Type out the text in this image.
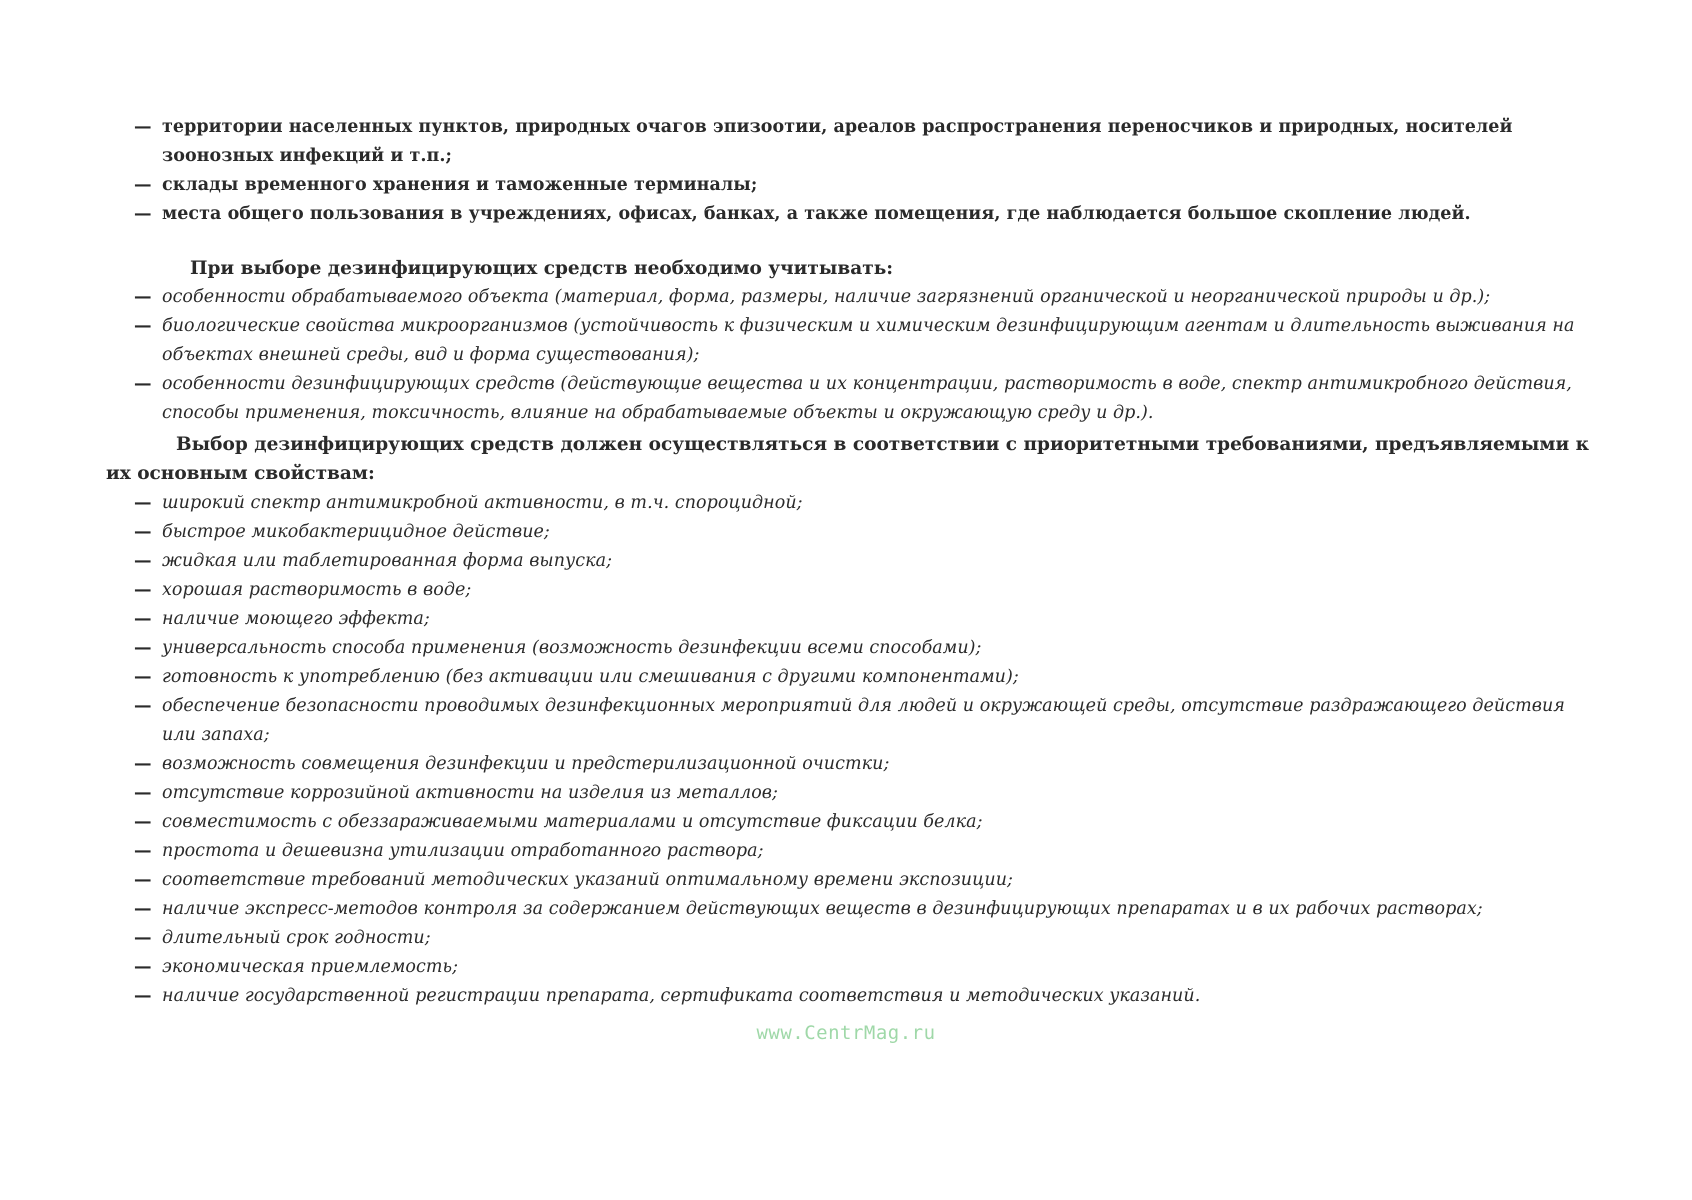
— территории населенных пунктов, природных очагов эпизоотии, ареалов распространения переносчиков и природных, носителей зоонозных инфекций и т.п.;
— склады временного хранения и таможенные терминалы;
— места общего пользования в учреждениях, офисах, банках, а также помещения, где наблюдается большое скопление людей.
При выборе дезинфицирующих средств необходимо учитывать:
— особенности обрабатываемого объекта (материал, форма, размеры, наличие загрязнений органической и неорганической природы и др.);
— биологические свойства микроорганизмов (устойчивость к физическим и химическим дезинфицирующим агентам и длительность выживания на объектах внешней среды, вид и форма существования);
— особенности дезинфицирующих средств (действующие вещества и их концентрации, растворимость в воде, спектр антимикробного действия, способы применения, токсичность, влияние на обрабатываемые объекты и окружающую среду и др.).
Выбор дезинфицирующих средств должен осуществляться в соответствии с приоритетными требованиями, предъявляемыми к их основным свойствам:
— широкий спектр антимикробной активности, в т.ч. спороцидной;
— быстрое микобактерицидное действие;
— жидкая или таблетированная форма выпуска;
— хорошая растворимость в воде;
— наличие моющего эффекта;
— универсальность способа применения (возможность дезинфекции всеми способами);
— готовность к употреблению (без активации или смешивания с другими компонентами);
— обеспечение безопасности проводимых дезинфекционных мероприятий для людей и окружающей среды, отсутствие раздражающего действия или запаха;
— возможность совмещения дезинфекции и предстерилизационной очистки;
— отсутствие коррозийной активности на изделия из металлов;
— совместимость с обеззараживаемыми материалами и отсутствие фиксации белка;
— простота и дешевизна утилизации отработанного раствора;
— соответствие требований методических указаний оптимальному времени экспозиции;
— наличие экспресс-методов контроля за содержанием действующих веществ в дезинфицирующих препаратах и в их рабочих растворах;
— длительный срок годности;
— экономическая приемлемость;
— наличие государственной регистрации препарата, сертификата соответствия и методических указаний.
www.CentrMag.ru
